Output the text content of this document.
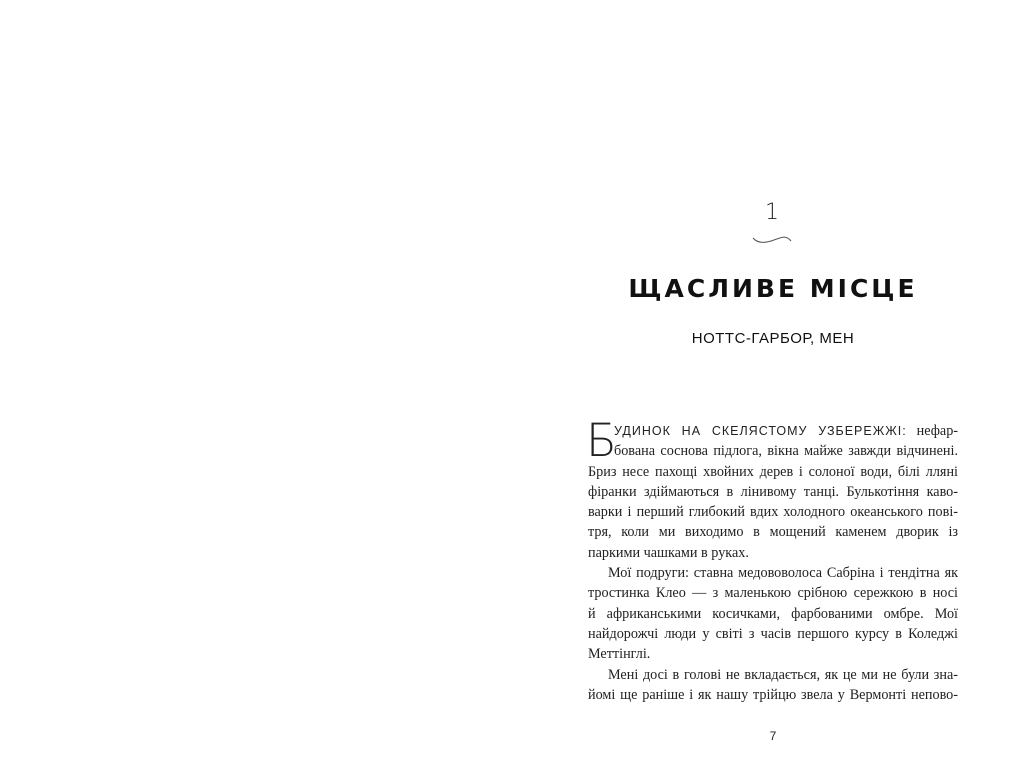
1
ЩАСЛИВЕ МІСЦЕ
НОТТС-ГАРБОР, МЕН
Б
УДИНОК НА СКЕЛЯСТОМУ УЗБЕРЕЖЖІ: нефар-
бована соснова підлога, вікна майже завжди відчинені.
Бриз несе пахощі хвойних дерев і солоної води, білі лляні
фіранки здіймаються в лінивому танці. Булькотіння каво-
варки і перший глибокий вдих холодного океанського пові-
тря, коли ми виходимо в мощений каменем дворик із
паркими чашками в руках.
Мої подруги: ставна медововолоса Сабріна і тендітна як
тростинка Клео — з маленькою срібною сережкою в носі
й африканськими косичками, фарбованими омбре. Мої
найдорожчі люди у світі з часів першого курсу в Коледжі
Меттінглі.
Мені досі в голові не вкладається, як це ми не були зна-
йомі ще раніше і як нашу трійцю звела у Вермонті непово-
7
